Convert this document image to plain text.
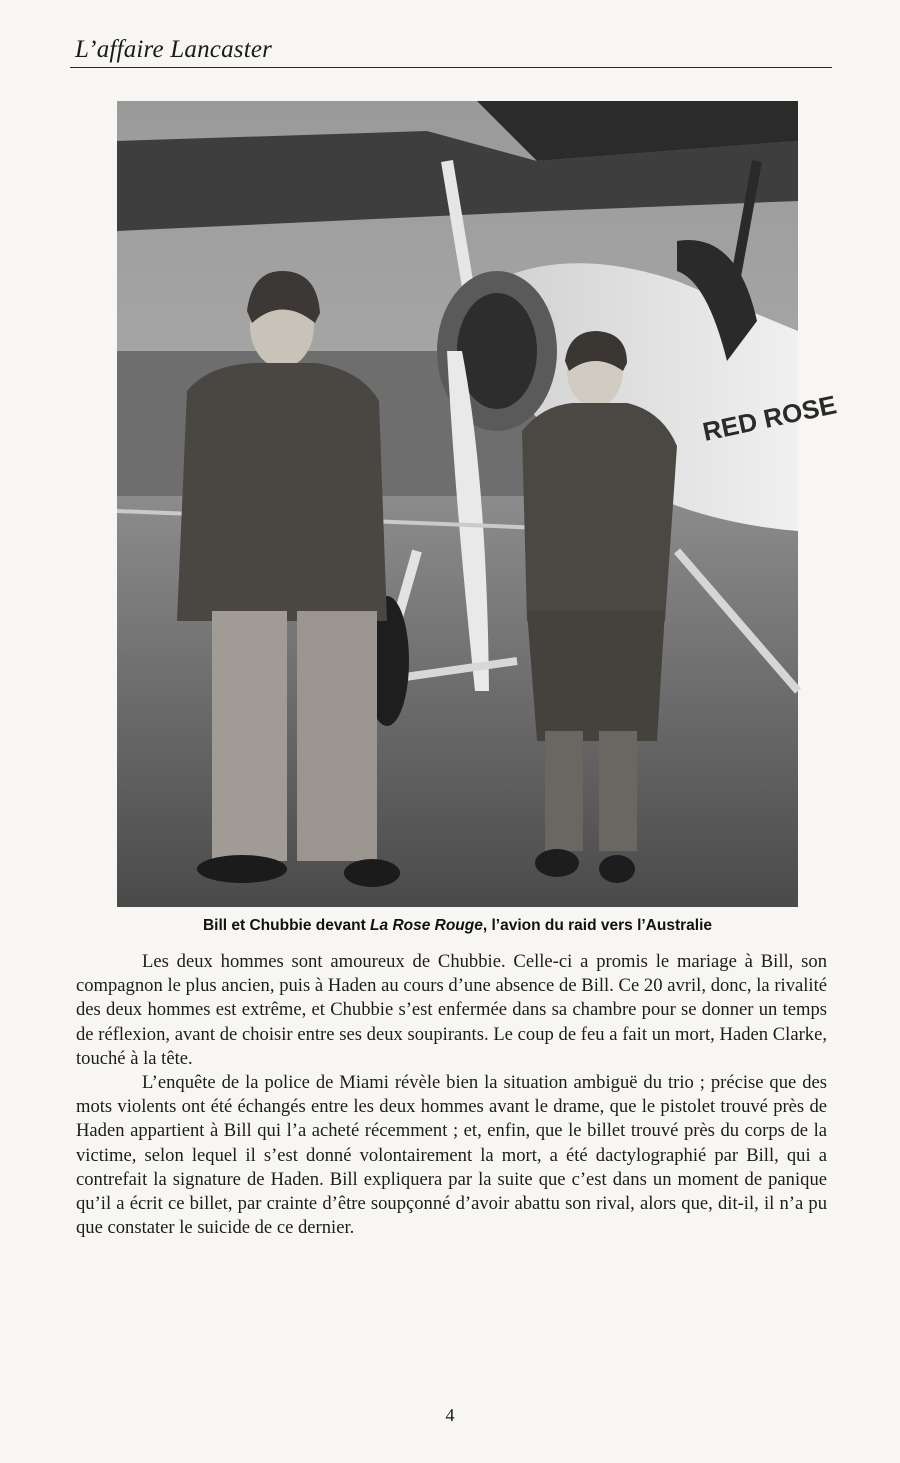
L’affaire Lancaster
RED ROSE
Bill et Chubbie devant La Rose Rouge, l’avion du raid vers l’Australie

Les deux hommes sont amoureux de Chubbie. Celle-ci a promis le mariage à Bill, son compagnon le plus ancien, puis à Haden au cours d’une absence de Bill. Ce 20 avril, donc, la rivalité des deux hommes est extrême, et Chubbie s’est enfermée dans sa chambre pour se donner un temps de réflexion, avant de choisir entre ses deux soupirants. Le coup de feu a fait un mort, Haden Clarke, touché à la tête.

L’enquête de la police de Miami révèle bien la situation ambiguë du trio ; précise que des mots violents ont été échangés entre les deux hommes avant le drame, que le pistolet trouvé près de Haden appartient à Bill qui l’a acheté récemment ; et, enfin, que le billet trouvé près du corps de la victime, selon lequel il s’est donné volontairement la mort, a été dactylographié par Bill, qui a contrefait la signature de Haden. Bill expliquera par la suite que c’est dans un moment de panique qu’il a écrit ce billet, par crainte d’être soupçonné d’avoir abattu son rival, alors que, dit-il, il n’a pu que constater le suicide de ce dernier.

4
